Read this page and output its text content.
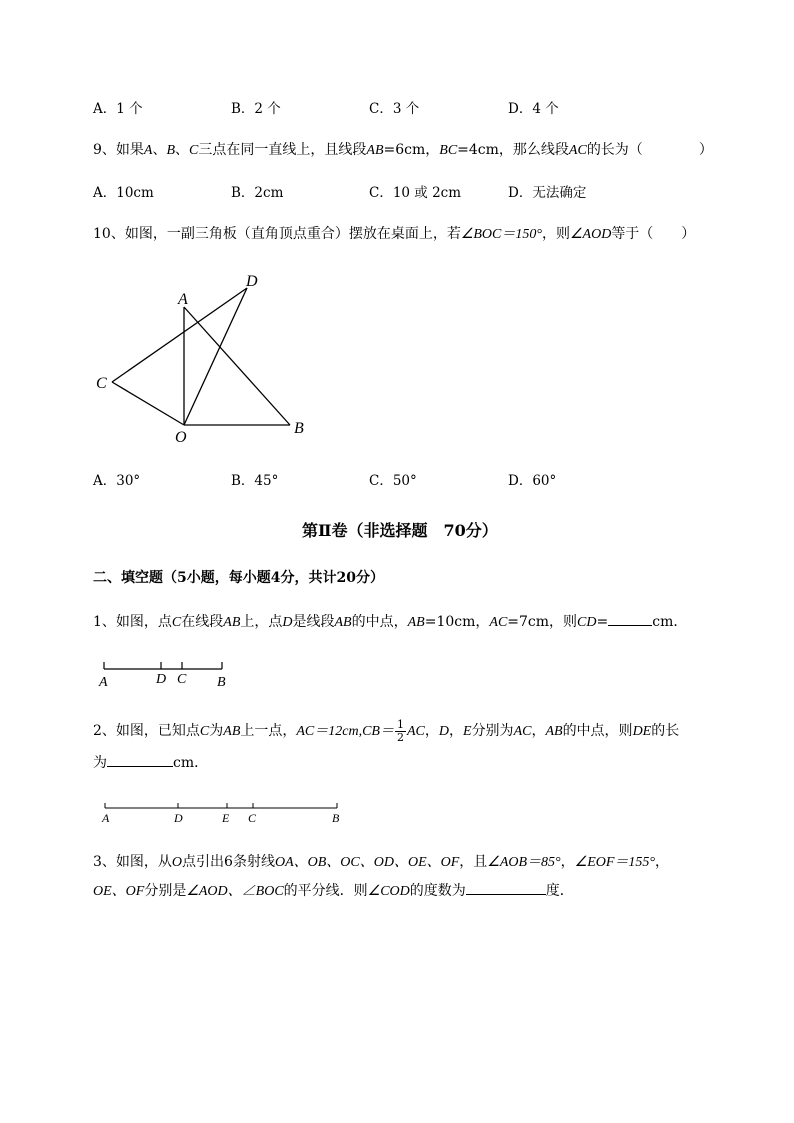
A．1 个	B．2 个	C．3 个	D．4 个
9、如果A、B、C三点在同一直线上，且线段AB=6cm，BC=4cm，那么线段AC的长为（	）
A．10cm	B．2cm	C．10 或 2cm	D．无法确定
10、如图，一副三角板（直角顶点重合）摆放在桌面上，若∠BOC＝150°，则∠AOD等于（　　）
A
D
C
O
B
A．30°	B．45°	C．50°	D．60°
第Ⅱ卷（非选择题　70分）
二、填空题（5小题，每小题4分，共计20分）
1、如图，点C在线段AB上，点D是线段AB的中点，AB=10cm，AC=7cm，则CD=	cm．
A	D C B
2、如图，已知点C为AB上一点，$AC=12cm,CB= \frac{1}{2}$ AC，D，E分别为AC，AB的中点，则DE的长
为	cm．
A	D	E C	B
3、如图，从O点引出6条射线OA、OB、OC、OD、OE、OF，且∠AOB＝85°，∠EOF＝155°，
OE、OF分别是∠AOD、∠BOC的平分线．则∠COD的度数为	度．
